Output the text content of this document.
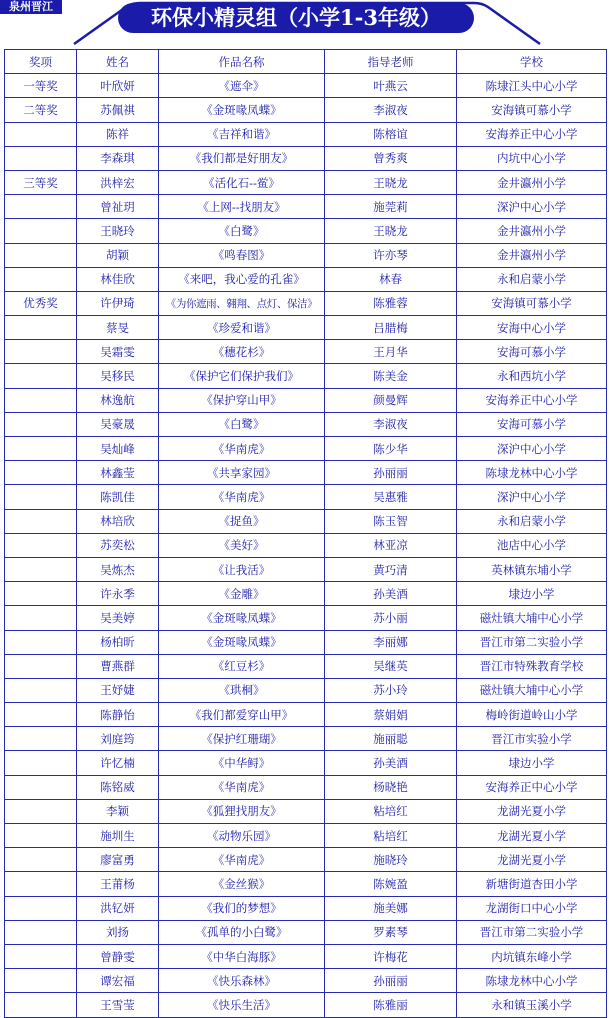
泉州晋江	环保小精灵组（小学1-3年级）
奖项	姓名	作品名称	指导老师	学校
一等奖	叶欣妍	《遮伞》	叶燕云	陈埭江头中心小学
二等奖	苏佩祺	《金斑喙凤蝶》	李淑夜	安海镇可慕小学
	陈祥	《吉祥和谐》	陈榕谊	安海养正中心小学
	李森琪	《我们都是好朋友》	曾秀爽	内坑中心小学
三等奖	洪梓宏	《活化石--鲎》	王晓龙	金井瀛州小学
	曾祉玥	《上网--找朋友》	施莞莉	深沪中心小学
	王晓玲	《白鹭》	王晓龙	金井瀛州小学
	胡颖	《鸣春图》	许亦琴	金井瀛州小学
	林佳欣	《来吧，我心爱的孔雀》	林春	永和启蒙小学
优秀奖	许伊琦	《为你遮雨、翱翔、点灯、保洁》	陈雅蓉	安海镇可慕小学
	蔡旻	《珍爱和谐》	吕腊梅	安海中心小学
	吴霜雯	《穗花杉》	王月华	安海可慕小学
	吴移民	《保护它们保护我们》	陈美金	永和西坑小学
	林逸航	《保护穿山甲》	颜曼辉	安海养正中心小学
	吴豪晟	《白鹭》	李淑夜	安海可慕小学
	吴灿峰	《华南虎》	陈少华	深沪中心小学
	林鑫莹	《共享家园》	孙丽丽	陈埭龙林中心小学
	陈凯佳	《华南虎》	吴惠雅	深沪中心小学
	林培欣	《捉鱼》	陈玉智	永和启蒙小学
	苏奕松	《美好》	林亚凉	池店中心小学
	吴炼杰	《让我活》	黄巧清	英林镇东埔小学
	许永季	《金雕》	孙美酒	埭边小学
	吴美婷	《金斑喙凤蝶》	苏小丽	磁灶镇大埔中心小学
	杨柏昕	《金斑喙凤蝶》	李丽娜	晋江市第二实验小学
	曹燕群	《红豆杉》	吴继英	晋江市特殊教育学校
	王妤婕	《珙桐》	苏小玲	磁灶镇大埔中心小学
	陈静怡	《我们都爱穿山甲》	蔡娟娟	梅岭街道岭山小学
	刘庭筠	《保护红珊瑚》	施丽聪	晋江市实验小学
	许忆楠	《中华鲟》	孙美酒	埭边小学
	陈铭威	《华南虎》	杨晓艳	安海养正中心小学
	李颖	《狐狸找朋友》	粘培红	龙湖光夏小学
	施圳生	《动物乐园》	粘培红	龙湖光夏小学
	廖富勇	《华南虎》	施晓玲	龙湖光夏小学
	王莆杨	《金丝猴》	陈婉盈	新塘街道杏田小学
	洪钇妍	《我们的梦想》	施美娜	龙湖街口中心小学
	刘扬	《孤单的小白鹭》	罗素琴	晋江市第二实验小学
	曾静雯	《中华白海豚》	许梅花	内坑镇东峰小学
	谭宏福	《快乐森林》	孙丽丽	陈埭龙林中心小学
	王雪莹	《快乐生活》	陈雅丽	永和镇玉溪小学
